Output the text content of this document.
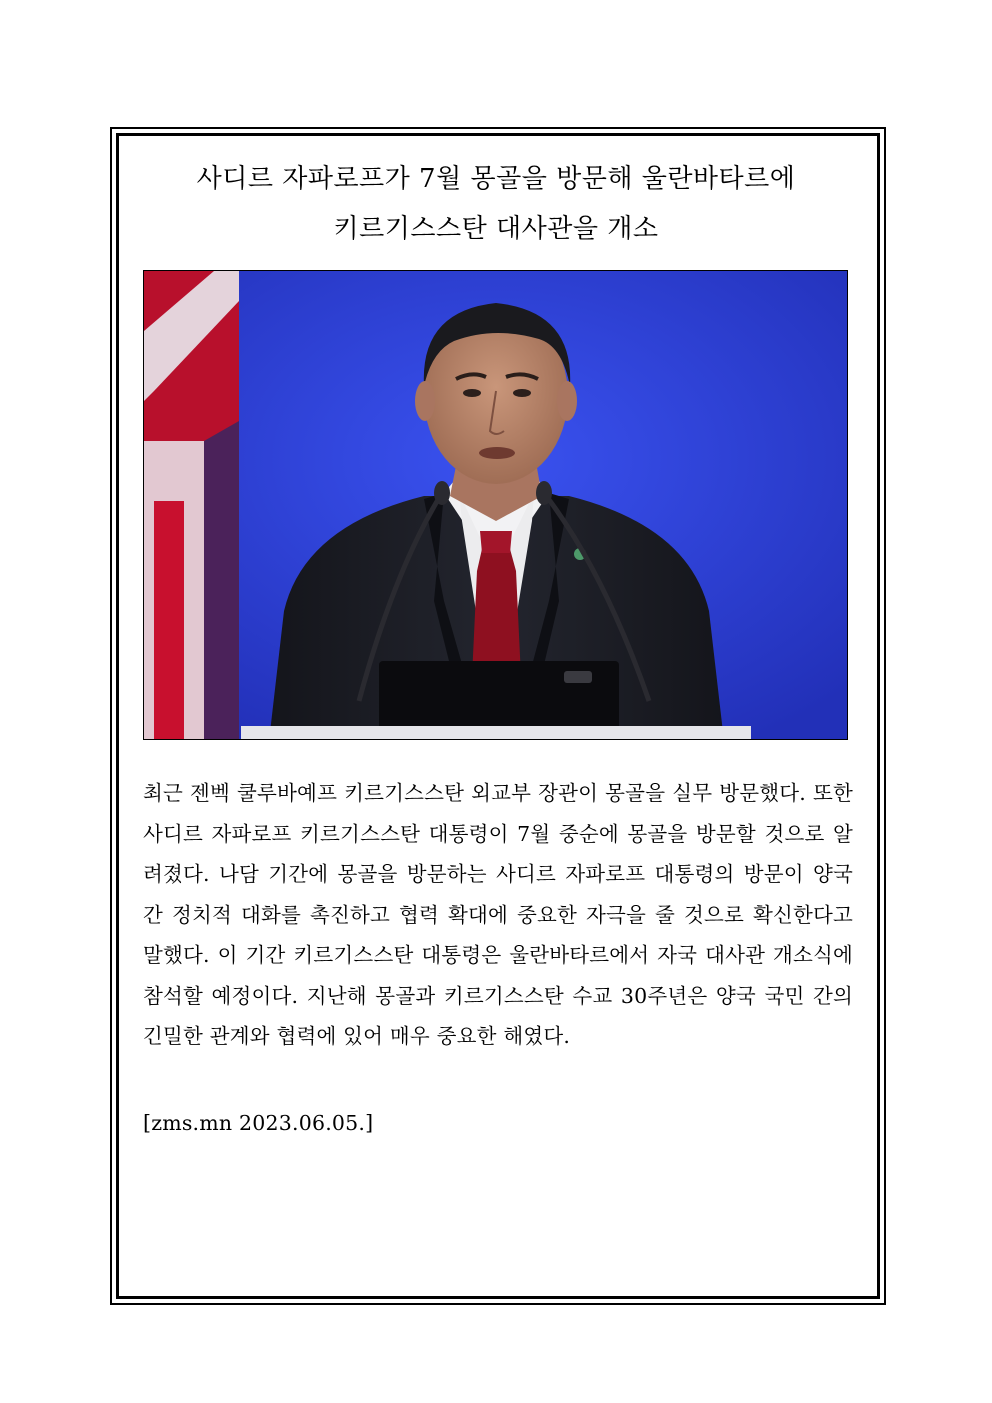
사디르 자파로프가 7월 몽골을 방문해 울란바타르에
키르기스스탄 대사관을 개소

최근 젠벡 쿨루바예프 키르기스스탄 외교부 장관이 몽골을 실무 방문했다. 또한 사디르 자파로프 키르기스스탄 대통령이 7월 중순에 몽골을 방문할 것으로 알려졌다. 나담 기간에 몽골을 방문하는 사디르 자파로프 대통령의 방문이 양국 간 정치적 대화를 촉진하고 협력 확대에 중요한 자극을 줄 것으로 확신한다고 말했다. 이 기간 키르기스스탄 대통령은 울란바타르에서 자국 대사관 개소식에 참석할 예정이다. 지난해 몽골과 키르기스스탄 수교 30주년은 양국 국민 간의 긴밀한 관계와 협력에 있어 매우 중요한 해였다.

[zms.mn 2023.06.05.]
